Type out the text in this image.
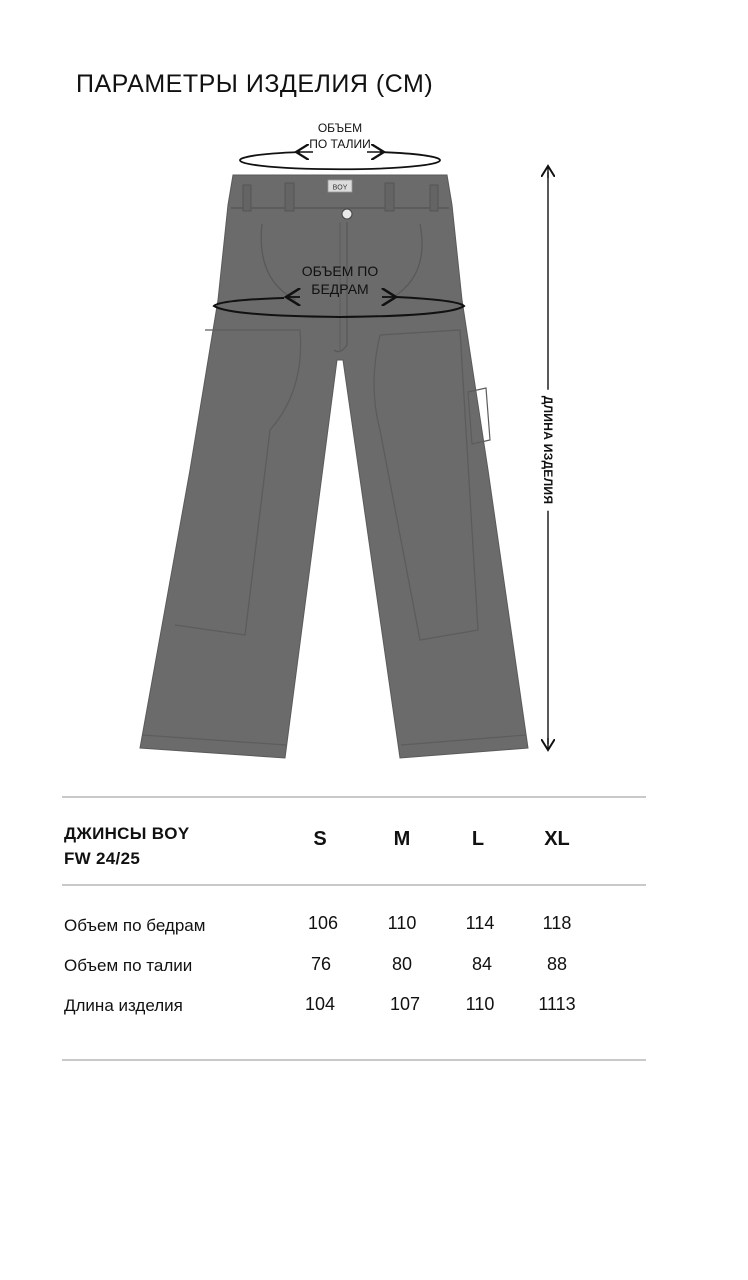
ПАРАМЕТРЫ ИЗДЕЛИЯ (СМ)
BOY
ОБЪЕМ
ПО ТАЛИИ
ОБЪЕМ ПО
БЕДРАМ
ДЛИНА ИЗДЕЛИЯ
ДЖИНСЫ BOY
FW 24/25
S	M	L	XL
Объем по бедрам	106	110	114	118
Объем по талии	76	80	84	88
Длина изделия	104	107	110	1113
